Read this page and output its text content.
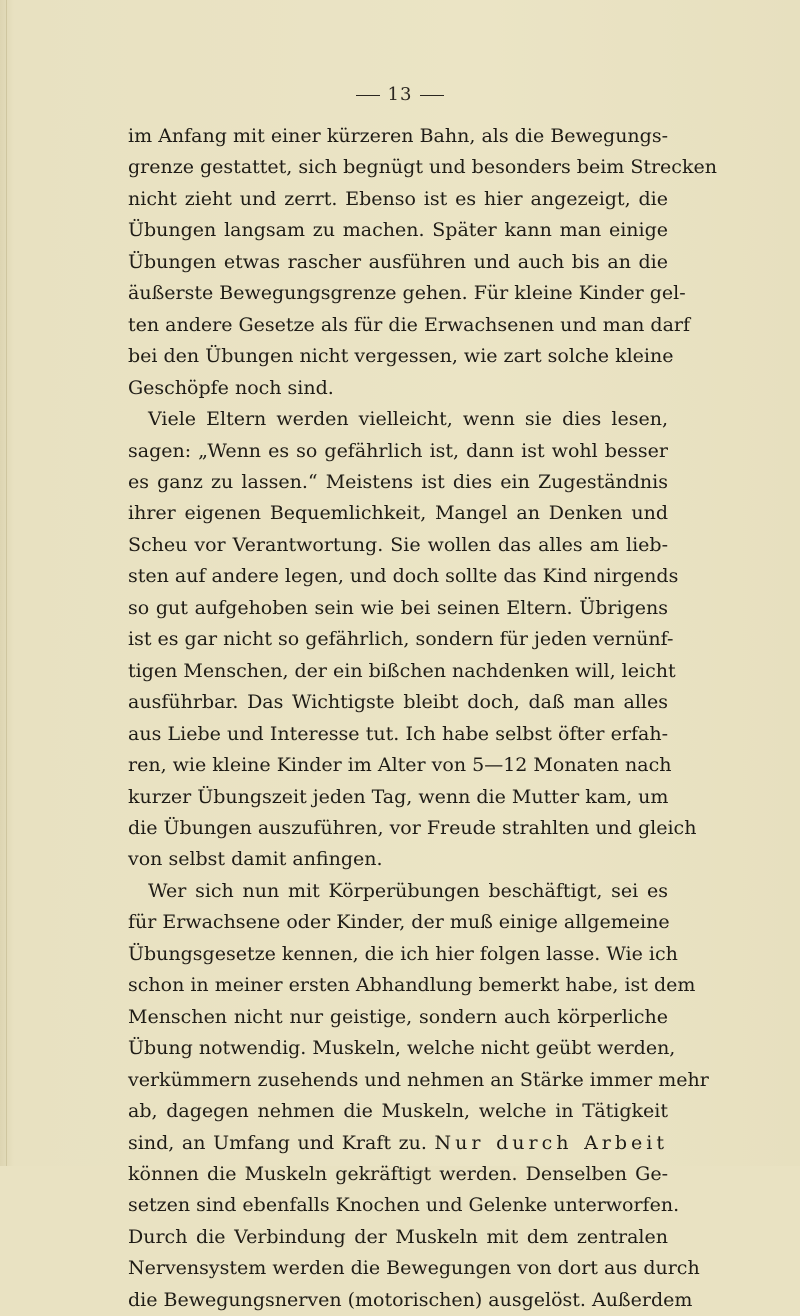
13
im Anfang mit einer kürzeren Bahn, als die Bewegungs-
grenze gestattet, sich begnügt und besonders beim Strecken
nicht zieht und zerrt. Ebenso ist es hier angezeigt, die
Übungen langsam zu machen. Später kann man einige
Übungen etwas rascher ausführen und auch bis an die
äußerste Bewegungsgrenze gehen. Für kleine Kinder gel-
ten andere Gesetze als für die Erwachsenen und man darf
bei den Übungen nicht vergessen, wie zart solche kleine
Geschöpfe noch sind.
Viele Eltern werden vielleicht, wenn sie dies lesen,
sagen: „Wenn es so gefährlich ist, dann ist wohl besser
es ganz zu lassen.“ Meistens ist dies ein Zugeständnis
ihrer eigenen Bequemlichkeit, Mangel an Denken und
Scheu vor Verantwortung. Sie wollen das alles am lieb-
sten auf andere legen, und doch sollte das Kind nirgends
so gut aufgehoben sein wie bei seinen Eltern. Übrigens
ist es gar nicht so gefährlich, sondern für jeden vernünf-
tigen Menschen, der ein bißchen nachdenken will, leicht
ausführbar. Das Wichtigste bleibt doch, daß man alles
aus Liebe und Interesse tut. Ich habe selbst öfter erfah-
ren, wie kleine Kinder im Alter von 5—12 Monaten nach
kurzer Übungszeit jeden Tag, wenn die Mutter kam, um
die Übungen auszuführen, vor Freude strahlten und gleich
von selbst damit anfingen.
Wer sich nun mit Körperübungen beschäftigt, sei es
für Erwachsene oder Kinder, der muß einige allgemeine
Übungsgesetze kennen, die ich hier folgen lasse. Wie ich
schon in meiner ersten Abhandlung bemerkt habe, ist dem
Menschen nicht nur geistige, sondern auch körperliche
Übung notwendig. Muskeln, welche nicht geübt werden,
verkümmern zusehends und nehmen an Stärke immer mehr
ab, dagegen nehmen die Muskeln, welche in Tätigkeit
sind, an Umfang und Kraft zu. Nur durch Arbeit
können die Muskeln gekräftigt werden. Denselben Ge-
setzen sind ebenfalls Knochen und Gelenke unterworfen.
Durch die Verbindung der Muskeln mit dem zentralen
Nervensystem werden die Bewegungen von dort aus durch
die Bewegungsnerven (motorischen) ausgelöst. Außerdem
